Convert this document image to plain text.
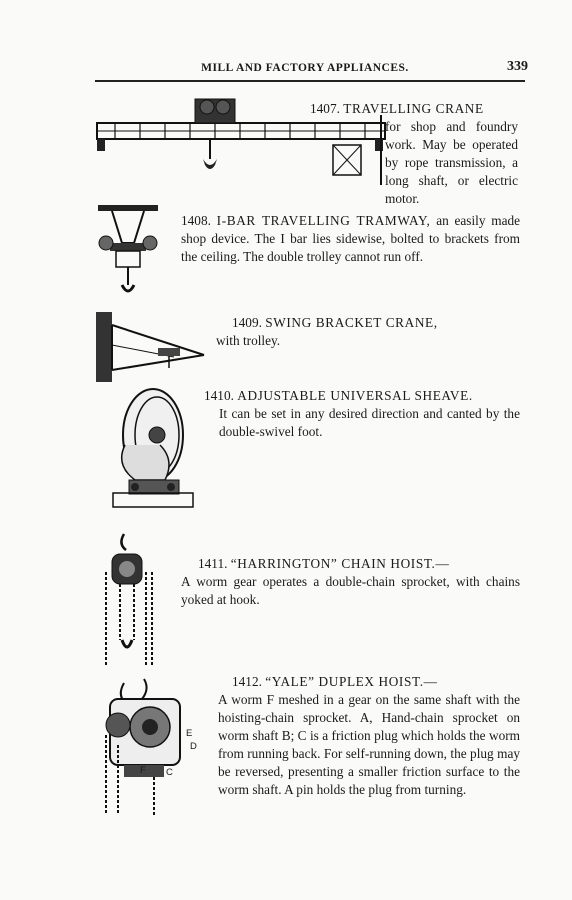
MILL AND FACTORY APPLIANCES.	339
1407. TRAVELLING CRANE
for shop and foundry work. May be operated by rope transmission, a long shaft, or electric motor.
1408. I-BAR TRAVELLING TRAMWAY, an easily made shop device. The I bar lies sidewise, bolted to brackets from the ceiling. The double trolley cannot run off.
1409. SWING BRACKET CRANE,
with trolley.
1410. ADJUSTABLE UNIVERSAL SHEAVE.
It can be set in any desired direction and canted by the double-swivel foot.
1411. “HARRINGTON” CHAIN HOIST.—
A worm gear operates a double-chain sprocket, with chains yoked at hook.
E
D
F C
1412. “YALE” DUPLEX HOIST.—
A worm F meshed in a gear on the same shaft with the hoisting-chain sprocket. A, Hand-chain sprocket on worm shaft B; C is a friction plug which holds the worm from running back. For self-running down, the plug may be reversed, presenting a smaller friction surface to the worm shaft. A pin holds the plug from turning.
